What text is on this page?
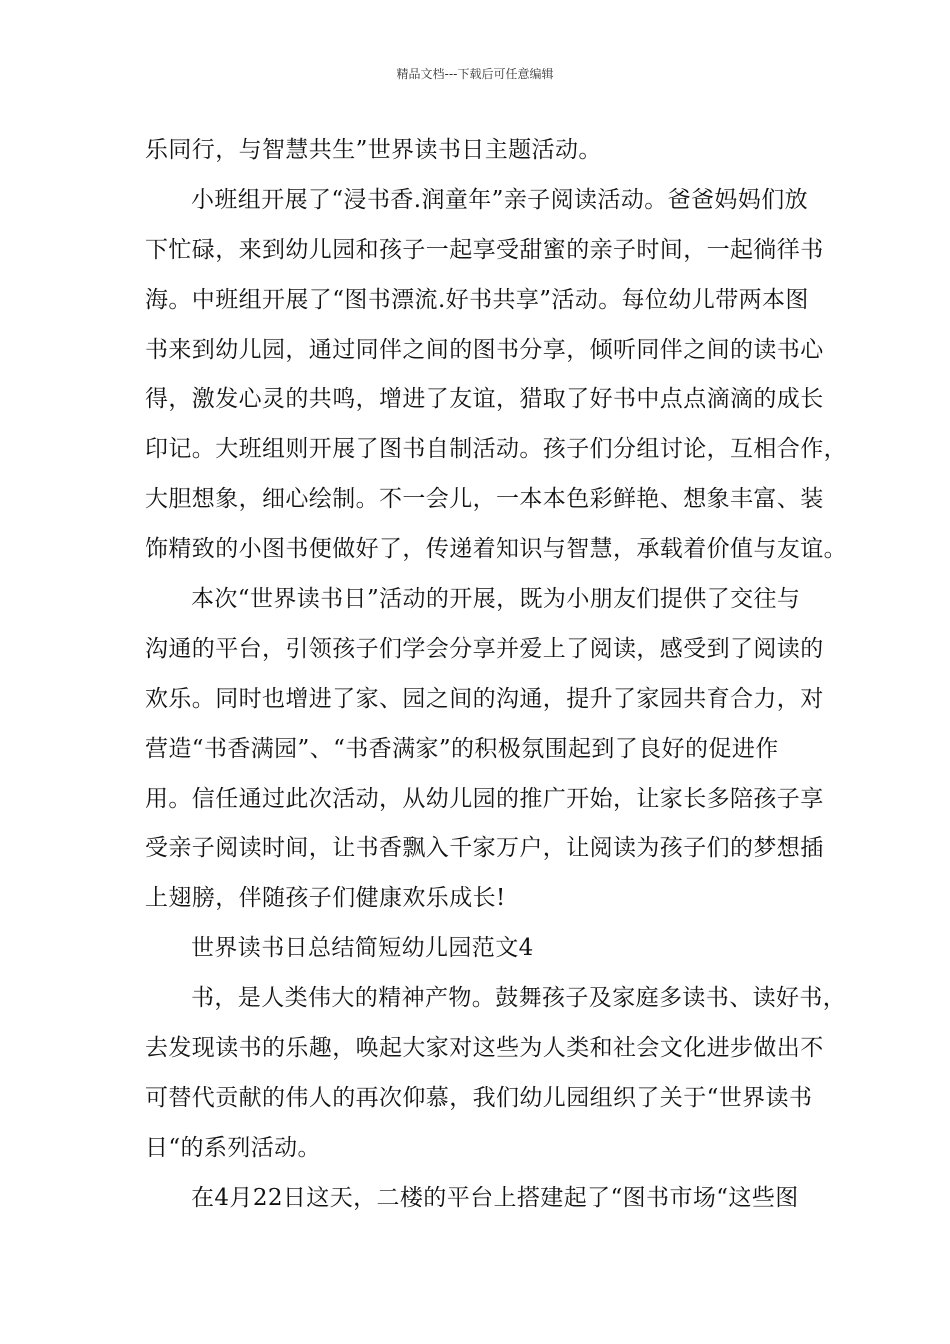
精品文档---下载后可任意编辑
乐同行，与智慧共生”世界读书日主题活动。
小班组开展了“浸书香.润童年”亲子阅读活动。爸爸妈妈们放
下忙碌，来到幼儿园和孩子一起享受甜蜜的亲子时间，一起徜徉书
海。中班组开展了“图书漂流.好书共享”活动。每位幼儿带两本图
书来到幼儿园，通过同伴之间的图书分享，倾听同伴之间的读书心
得，激发心灵的共鸣，增进了友谊，猎取了好书中点点滴滴的成长
印记。大班组则开展了图书自制活动。孩子们分组讨论，互相合作，
大胆想象，细心绘制。不一会儿，一本本色彩鲜艳、想象丰富、装
饰精致的小图书便做好了，传递着知识与智慧，承载着价值与友谊。
本次“世界读书日”活动的开展，既为小朋友们提供了交往与
沟通的平台，引领孩子们学会分享并爱上了阅读，感受到了阅读的
欢乐。同时也增进了家、园之间的沟通，提升了家园共育合力，对
营造“书香满园”、“书香满家”的积极氛围起到了良好的促进作
用。信任通过此次活动，从幼儿园的推广开始，让家长多陪孩子享
受亲子阅读时间，让书香飘入千家万户，让阅读为孩子们的梦想插
上翅膀，伴随孩子们健康欢乐成长!
世界读书日总结简短幼儿园范文4
书，是人类伟大的精神产物。鼓舞孩子及家庭多读书、读好书，
去发现读书的乐趣，唤起大家对这些为人类和社会文化进步做出不
可替代贡献的伟人的再次仰慕，我们幼儿园组织了关于“世界读书
日“的系列活动。
在4月22日这天，二楼的平台上搭建起了“图书市场“这些图
